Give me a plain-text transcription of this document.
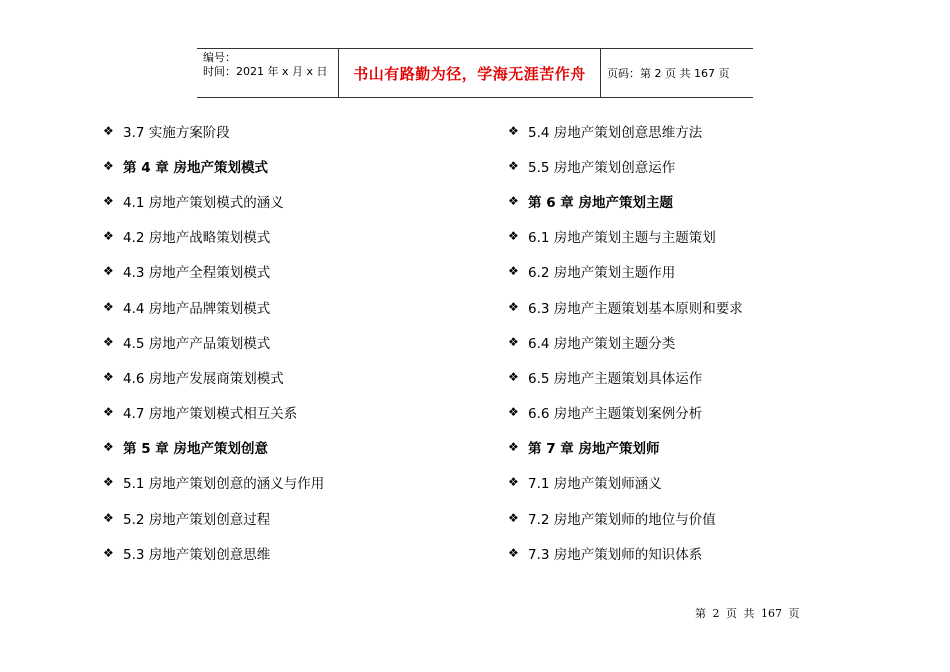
编号：
时间：2021 年 x 月 x 日	书山有路勤为径，学海无涯苦作舟 页码：第 2 页 共 167 页
❖ 3.7 实施方案阶段
❖ 第 4 章 房地产策划模式
❖ 4.1 房地产策划模式的涵义
❖ 4.2 房地产战略策划模式
❖ 4.3 房地产全程策划模式
❖ 4.4 房地产品牌策划模式
❖ 4.5 房地产产品策划模式
❖ 4.6 房地产发展商策划模式
❖ 4.7 房地产策划模式相互关系
❖ 第 5 章 房地产策划创意
❖ 5.1 房地产策划创意的涵义与作用
❖ 5.2 房地产策划创意过程
❖ 5.3 房地产策划创意思维
❖ 5.4 房地产策划创意思维方法
❖ 5.5 房地产策划创意运作
❖ 第 6 章 房地产策划主题
❖ 6.1 房地产策划主题与主题策划
❖ 6.2 房地产策划主题作用
❖ 6.3 房地产主题策划基本原则和要求
❖ 6.4 房地产策划主题分类
❖ 6.5 房地产主题策划具体运作
❖ 6.6 房地产主题策划案例分析
❖ 第 7 章 房地产策划师
❖ 7.1 房地产策划师涵义
❖ 7.2 房地产策划师的地位与价值
❖ 7.3 房地产策划师的知识体系
第 2 页 共 167 页
